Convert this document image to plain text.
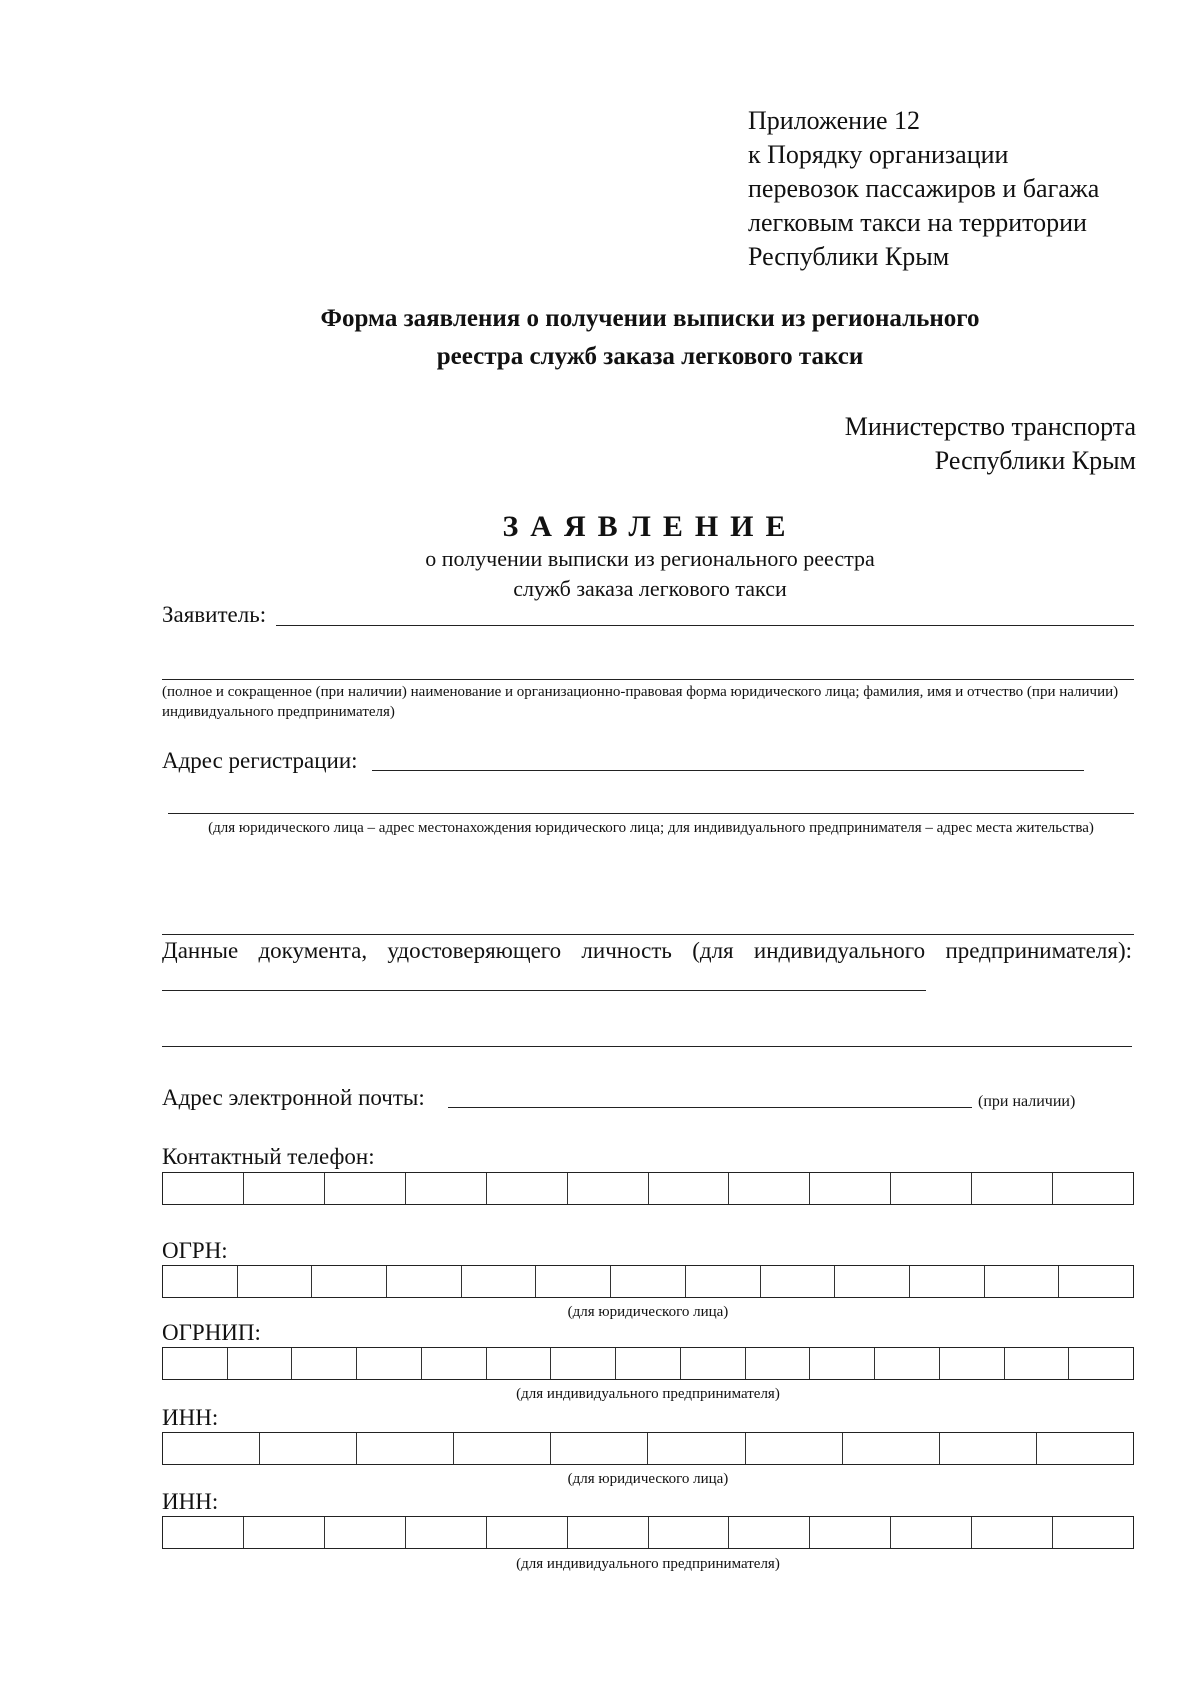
Приложение 12
к Порядку организации
перевозок пассажиров и багажа
легковым такси на территории
Республики Крым
Форма заявления о получении выписки из регионального
реестра служб заказа легкового такси
Министерство транспорта
Республики Крым
ЗАЯВЛЕНИЕ
о получении выписки из регионального реестра
служб заказа легкового такси
Заявитель:
(полное и сокращенное (при наличии) наименование и организационно-правовая форма юридического лица; фамилия, имя и отчество (при наличии) индивидуального предпринимателя)
Адрес регистрации:
(для юридического лица – адрес местонахождения юридического лица; для индивидуального предпринимателя – адрес места жительства)
Данные документа, удостоверяющего личность (для индивидуального предпринимателя):
Адрес электронной почты:	(при наличии)
Контактный телефон:
ОГРН:
(для юридического лица)
ОГРНИП:
(для индивидуального предпринимателя)
ИНН:
(для юридического лица)
ИНН:
(для индивидуального предпринимателя)
